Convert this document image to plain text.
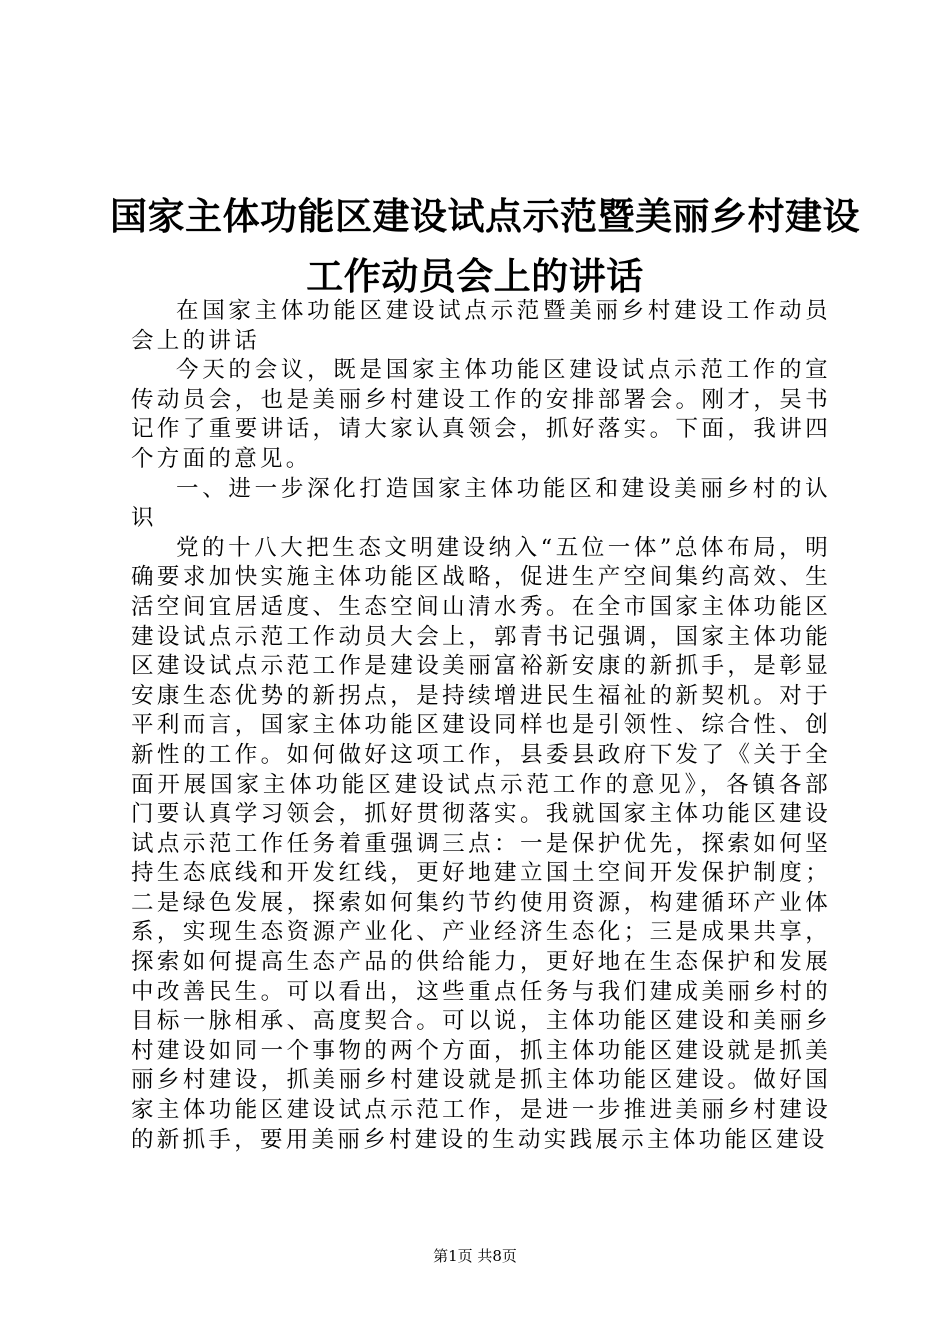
国家主体功能区建设试点示范暨美丽乡村建设
工作动员会上的讲话

在国家主体功能区建设试点示范暨美丽乡村建设工作动员会上的讲话

今天的会议，既是国家主体功能区建设试点示范工作的宣传动员会，也是美丽乡村建设工作的安排部署会。刚才，吴书记作了重要讲话，请大家认真领会，抓好落实。下面，我讲四个方面的意见。

一、进一步深化打造国家主体功能区和建设美丽乡村的认识

党的十八大把生态文明建设纳入“五位一体”总体布局，明确要求加快实施主体功能区战略，促进生产空间集约高效、生活空间宜居适度、生态空间山清水秀。在全市国家主体功能区建设试点示范工作动员大会上，郭青书记强调，国家主体功能区建设试点示范工作是建设美丽富裕新安康的新抓手，是彰显安康生态优势的新拐点，是持续增进民生福祉的新契机。对于平利而言，国家主体功能区建设同样也是引领性、综合性、创新性的工作。如何做好这项工作，县委县政府下发了《关于全面开展国家主体功能区建设试点示范工作的意见》，各镇各部门要认真学习领会，抓好贯彻落实。我就国家主体功能区建设试点示范工作任务着重强调三点：一是保护优先，探索如何坚持生态底线和开发红线，更好地建立国土空间开发保护制度；二是绿色发展，探索如何集约节约使用资源，构建循环产业体系，实现生态资源产业化、产业经济生态化；三是成果共享，探索如何提高生态产品的供给能力，更好地在生态保护和发展中改善民生。可以看出，这些重点任务与我们建成美丽乡村的目标一脉相承、高度契合。可以说，主体功能区建设和美丽乡村建设如同一个事物的两个方面，抓主体功能区建设就是抓美丽乡村建设，抓美丽乡村建设就是抓主体功能区建设。做好国家主体功能区建设试点示范工作，是进一步推进美丽乡村建设的新抓手，要用美丽乡村建设的生动实践展示主体功能区建设

第1页 共8页
